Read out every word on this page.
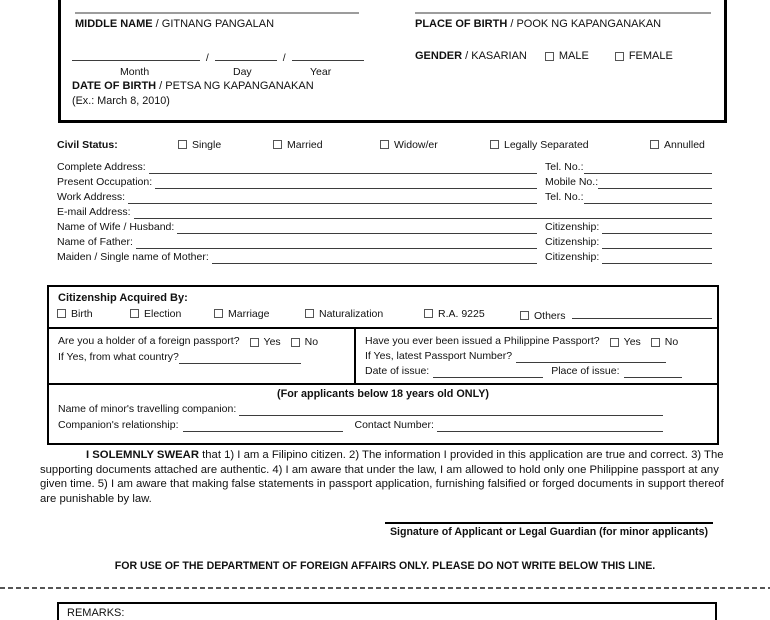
MIDDLE NAME / GITNANG PANGALAN	PLACE OF BIRTH / POOK NG KAPANGANAKAN
/	/
Month	Day	Year
DATE OF BIRTH / PETSA NG KAPANGANAKAN
(Ex.: March 8, 2010)
GENDER / KASARIAN	MALE	FEMALE
Civil Status:	Single	Married	Widow/er	Legally Separated	Annulled
Complete Address:	Tel. No.:
Present Occupation:	Mobile No.:
Work Address:	Tel. No.:
E-mail Address:
Name of Wife / Husband:	Citizenship:
Name of Father:	Citizenship:
Maiden / Single name of Mother:	Citizenship:
Citizenship Acquired By:
Birth	Election	Marriage	Naturalization	R.A. 9225	Others
Are you a holder of a foreign passport? Yes No
If Yes, from what country?
Have you ever been issued a Philippine Passport? Yes No
If Yes, latest Passport Number?
Date of issue:	Place of issue:
(For applicants below 18 years old ONLY)
Name of minor's travelling companion:
Companion's relationship:	Contact Number:
I SOLEMNLY SWEAR that 1) I am a Filipino citizen. 2) The information I provided in this application are true and correct. 3) The supporting documents attached are authentic. 4) I am aware that under the law, I am allowed to hold only one Philippine passport at any given time. 5) I am aware that making false statements in passport application, furnishing falsified or forged documents in support thereof are punishable by law.
Signature of Applicant or Legal Guardian (for minor applicants)
FOR USE OF THE DEPARTMENT OF FOREIGN AFFAIRS ONLY. PLEASE DO NOT WRITE BELOW THIS LINE.
REMARKS:
